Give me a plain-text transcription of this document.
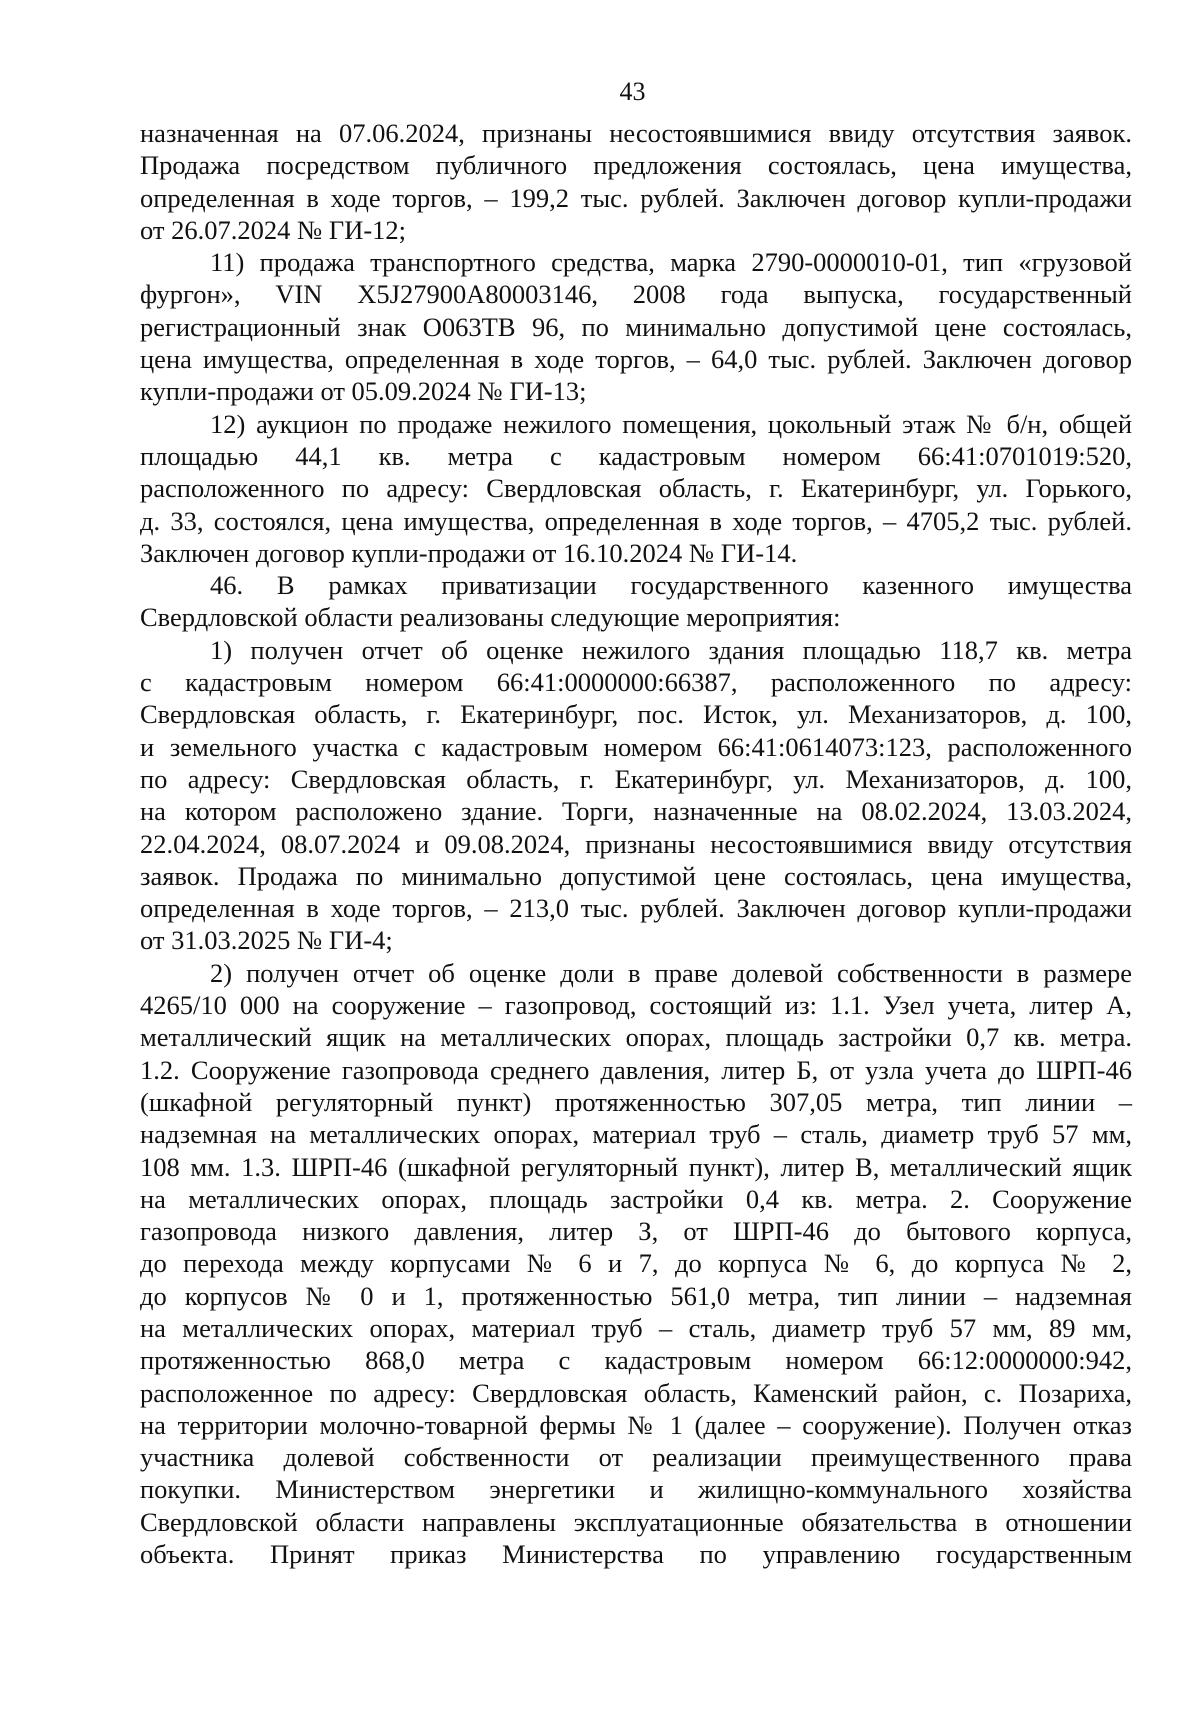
43
назначенная на 07.06.2024, признаны несостоявшимися ввиду отсутствия заявок.
Продажа посредством публичного предложения состоялась, цена имущества,
определенная в ходе торгов, – 199,2 тыс. рублей. Заключен договор купли-продажи
от 26.07.2024 № ГИ-12;
11) продажа транспортного средства, марка 2790-0000010-01, тип «грузовой
фургон», VIN X5J27900A80003146, 2008 года выпуска, государственный
регистрационный знак О063ТВ 96, по минимально допустимой цене состоялась,
цена имущества, определенная в ходе торгов, – 64,0 тыс. рублей. Заключен договор
купли-продажи от 05.09.2024 № ГИ-13;
12) аукцион по продаже нежилого помещения, цокольный этаж № б/н, общей
площадью 44,1 кв. метра с кадастровым номером 66:41:0701019:520,
расположенного по адресу: Свердловская область, г. Екатеринбург, ул. Горького,
д. 33, состоялся, цена имущества, определенная в ходе торгов, – 4705,2 тыс. рублей.
Заключен договор купли-продажи от 16.10.2024 № ГИ-14.
46. В рамках приватизации государственного казенного имущества
Свердловской области реализованы следующие мероприятия:
1) получен отчет об оценке нежилого здания площадью 118,7 кв. метра
с кадастровым номером 66:41:0000000:66387, расположенного по адресу:
Свердловская область, г. Екатеринбург, пос. Исток, ул. Механизаторов, д. 100,
и земельного участка с кадастровым номером 66:41:0614073:123, расположенного
по адресу: Свердловская область, г. Екатеринбург, ул. Механизаторов, д. 100,
на котором расположено здание. Торги, назначенные на 08.02.2024, 13.03.2024,
22.04.2024, 08.07.2024 и 09.08.2024, признаны несостоявшимися ввиду отсутствия
заявок. Продажа по минимально допустимой цене состоялась, цена имущества,
определенная в ходе торгов, – 213,0 тыс. рублей. Заключен договор купли-продажи
от 31.03.2025 № ГИ-4;
2) получен отчет об оценке доли в праве долевой собственности в размере
4265/10 000 на сооружение – газопровод, состоящий из: 1.1. Узел учета, литер А,
металлический ящик на металлических опорах, площадь застройки 0,7 кв. метра.
1.2. Сооружение газопровода среднего давления, литер Б, от узла учета до ШРП-46
(шкафной регуляторный пункт) протяженностью 307,05 метра, тип линии –
надземная на металлических опорах, материал труб – сталь, диаметр труб 57 мм,
108 мм. 1.3. ШРП-46 (шкафной регуляторный пункт), литер В, металлический ящик
на металлических опорах, площадь застройки 0,4 кв. метра. 2. Сооружение
газопровода низкого давления, литер З, от ШРП-46 до бытового корпуса,
до перехода между корпусами № 6 и 7, до корпуса № 6, до корпуса № 2,
до корпусов № 0 и 1, протяженностью 561,0 метра, тип линии – надземная
на металлических опорах, материал труб – сталь, диаметр труб 57 мм, 89 мм,
протяженностью 868,0 метра с кадастровым номером 66:12:0000000:942,
расположенное по адресу: Свердловская область, Каменский район, с. Позариха,
на территории молочно-товарной фермы № 1 (далее – сооружение). Получен отказ
участника долевой собственности от реализации преимущественного права
покупки. Министерством энергетики и жилищно-коммунального хозяйства
Свердловской области направлены эксплуатационные обязательства в отношении
объекта. Принят приказ Министерства по управлению государственным
